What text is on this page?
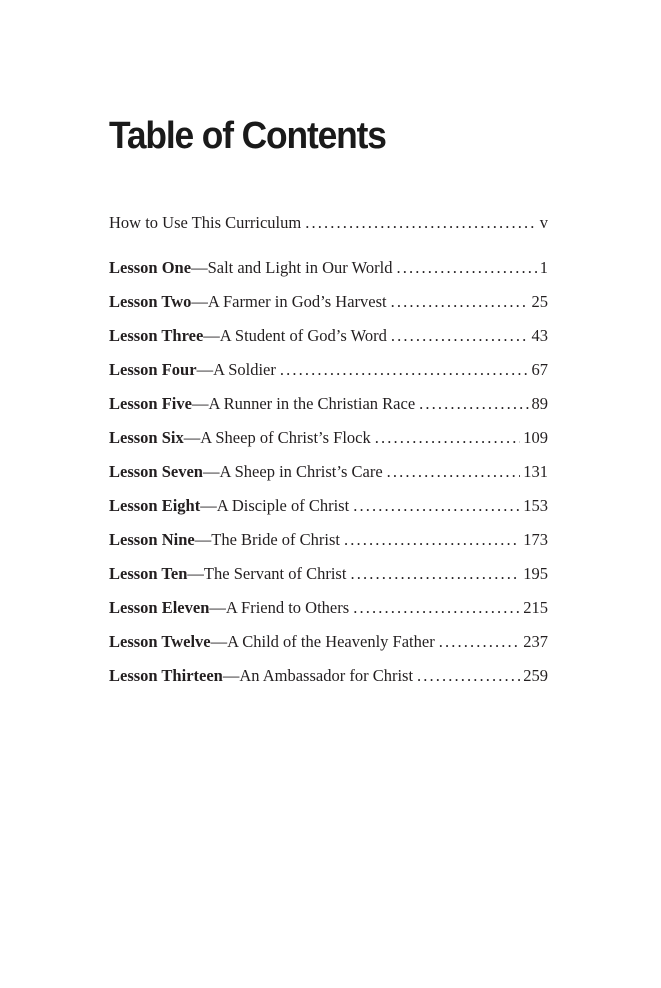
Table of Contents
How to Use This Curriculum . . .	v
Lesson One —Salt and Light in Our World . . .	1
Lesson Two —A Farmer in God’s Harvest . . .	25
Lesson Three —A Student of God’s Word . . .	43
Lesson Four —A Soldier . . .	67
Lesson Five —A Runner in the Christian Race . . .	89
Lesson Six —A Sheep of Christ’s Flock . . .	109
Lesson Seven —A Sheep in Christ’s Care . . .	131
Lesson Eight —A Disciple of Christ . . .	153
Lesson Nine —The Bride of Christ . . .	173
Lesson Ten —The Servant of Christ . . .	195
Lesson Eleven —A Friend to Others . . .	215
Lesson Twelve —A Child of the Heavenly Father . . .	237
Lesson Thirteen —An Ambassador for Christ . . .	259
